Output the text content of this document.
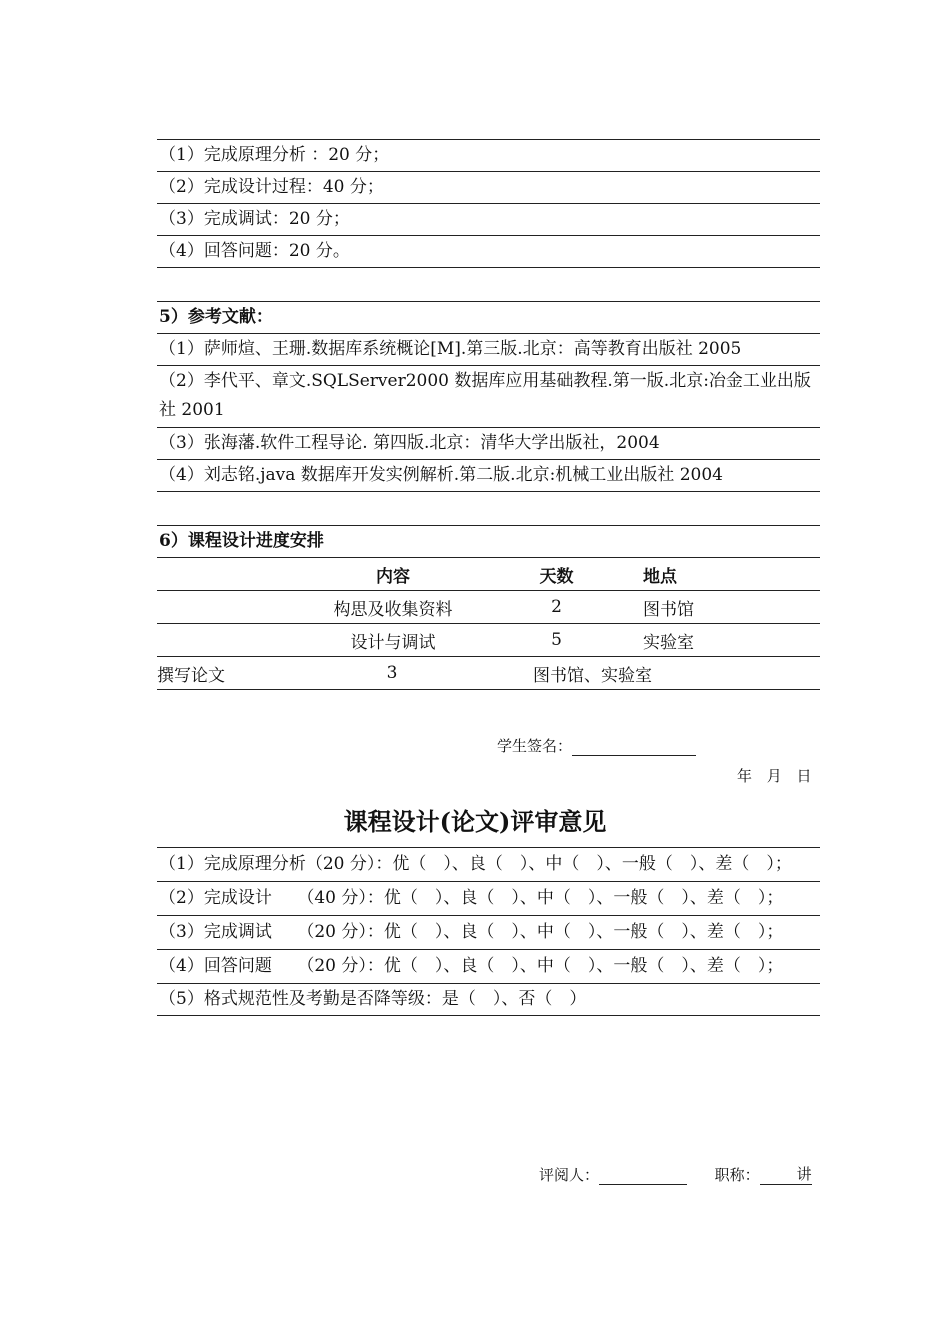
（1）完成原理分析 ：20 分；
（2）完成设计过程：40 分；
（3）完成调试：20 分；
（4）回答问题：20 分。
5）参考文献：
（1）萨师煊、王珊.数据库系统概论[M].第三版.北京：高等教育出版社 2005
（2）李代平、章文.SQLServer2000 数据库应用基础教程.第一版.北京:冶金工业出版社 2001
（3）张海藩.软件工程导论. 第四版.北京：清华大学出版社，2004
（4）刘志铭.java 数据库开发实例解析.第二版.北京:机械工业出版社 2004
6）课程设计进度安排
	内容	天数	地点
	构思及收集资料	2	图书馆
	设计与调试	5	实验室
撰写论文	3	图书馆、实验室
学生签名：
年 月 日
课程设计(论文)评审意见
（1）完成原理分析（20 分）：优（　）、良（　）、中（　）、一般（　）、差（　）；
（2）完成设计　　（40 分）：优（　）、良（　）、中（　）、一般（　）、差（　）；
（3）完成调试　　（20 分）：优（　）、良（　）、中（　）、一般（　）、差（　）；
（4）回答问题　　（20 分）：优（　）、良（　）、中（　）、一般（　）、差（　）；
（5）格式规范性及考勤是否降等级：是（　）、否（　）
评阅人：	职称： 讲
